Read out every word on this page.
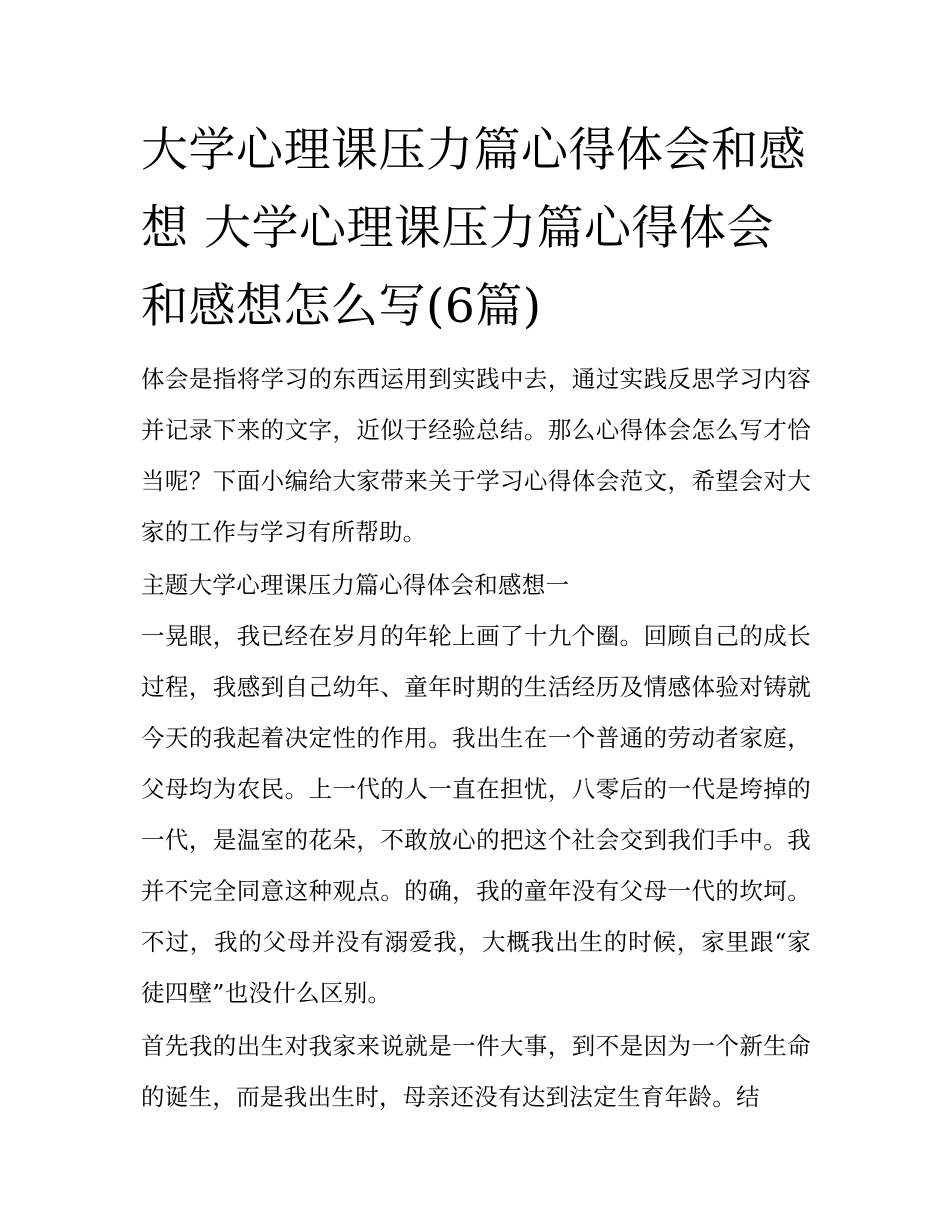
大学心理课压力篇心得体会和感想 大学心理课压力篇心得体会和感想怎么写(6篇)

体会是指将学习的东西运用到实践中去，通过实践反思学习内容并记录下来的文字，近似于经验总结。那么心得体会怎么写才恰当呢？下面小编给大家带来关于学习心得体会范文，希望会对大家的工作与学习有所帮助。

主题大学心理课压力篇心得体会和感想一

一晃眼，我已经在岁月的年轮上画了十九个圈。回顾自己的成长过程，我感到自己幼年、童年时期的生活经历及情感体验对铸就今天的我起着决定性的作用。我出生在一个普通的劳动者家庭，父母均为农民。上一代的人一直在担忧，八零后的一代是垮掉的一代，是温室的花朵，不敢放心的把这个社会交到我们手中。我并不完全同意这种观点。的确，我的童年没有父母一代的坎坷。不过，我的父母并没有溺爱我，大概我出生的时候，家里跟“家徒四壁”也没什么区别。

首先我的出生对我家来说就是一件大事，到不是因为一个新生命的诞生，而是我出生时，母亲还没有达到法定生育年龄。结
